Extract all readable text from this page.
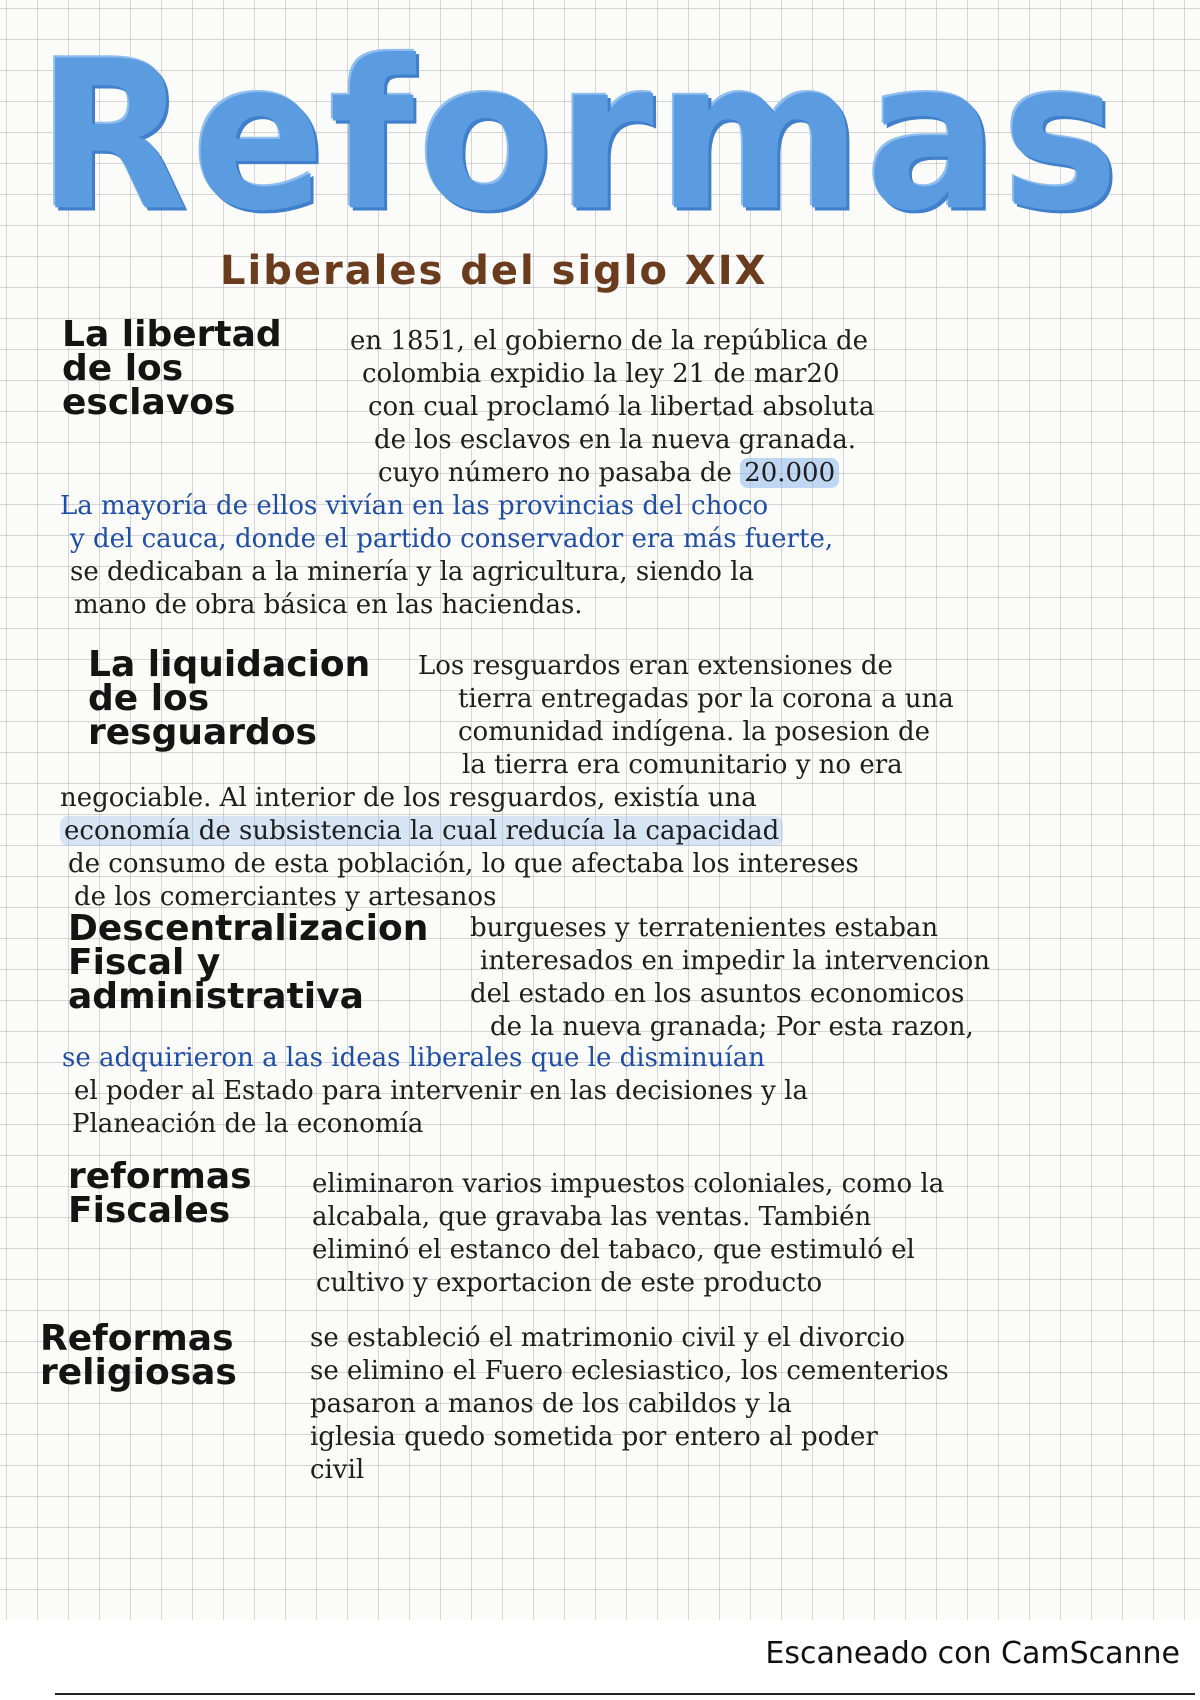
Reformas
Liberales del siglo XIX
La libertad de los esclavos
en 1851, el gobierno de la república de
colombia expidio la ley 21 de mar20
con cual proclamó la libertad absoluta
de los esclavos en la nueva granada.
cuyo número no pasaba de 20.000
La mayoría de ellos vivían en las provincias del choco
y del cauca, donde el partido conservador era más fuerte,
se dedicaban a la minería y la agricultura, siendo la
mano de obra básica en las haciendas.
La liquidacion de los resguardos
Los resguardos eran extensiones de
tierra entregadas por la corona a una
comunidad indígena. la posesion de
la tierra era comunitario y no era
negociable. Al interior de los resguardos, existía una
economía de subsistencia la cual reducía la capacidad
de consumo de esta población, lo que afectaba los intereses
de los comerciantes y artesanos
Descentralizacion Fiscal y administrativa
burgueses y terratenientes estaban
interesados en impedir la intervencion
del estado en los asuntos economicos
de la nueva granada; Por esta razon,
se adquirieron a las ideas liberales que le disminuían
el poder al Estado para intervenir en las decisiones y la
Planeación de la economía
reformas Fiscales
eliminaron varios impuestos coloniales, como la
alcabala, que gravaba las ventas. También
eliminó el estanco del tabaco, que estimuló el
cultivo y exportacion de este producto
Reformas religiosas
se estableció el matrimonio civil y el divorcio
se elimino el Fuero eclesiastico, los cementerios
pasaron a manos de los cabildos y la
iglesia quedo sometida por entero al poder
civil
Escaneado con CamScanne
